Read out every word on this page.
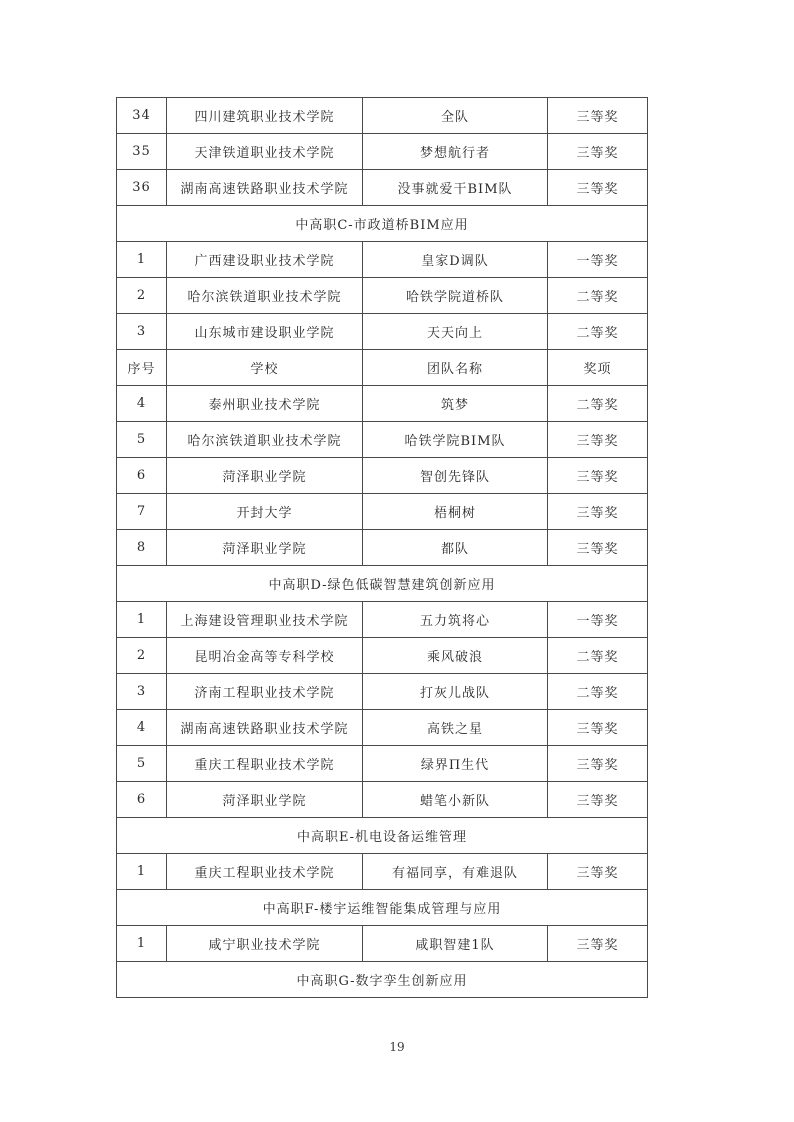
34	四川建筑职业技术学院	全队	三等奖
35	天津铁道职业技术学院	梦想航行者	三等奖
36	湖南高速铁路职业技术学院	没事就爱干BIM队	三等奖
中高职C-市政道桥BIM应用			
1	广西建设职业技术学院	皇家D调队	一等奖
2	哈尔滨铁道职业技术学院	哈铁学院道桥队	二等奖
3	山东城市建设职业学院	天天向上	二等奖
序号	学校	团队名称	奖项
4	泰州职业技术学院	筑梦	二等奖
5	哈尔滨铁道职业技术学院	哈铁学院BIM队	三等奖
6	菏泽职业学院	智创先锋队	三等奖
7	开封大学	梧桐树	三等奖
8	菏泽职业学院	都队	三等奖
中高职D-绿色低碳智慧建筑创新应用			
1	上海建设管理职业技术学院	五力筑将心	一等奖
2	昆明冶金高等专科学校	乘风破浪	二等奖
3	济南工程职业技术学院	打灰儿战队	二等奖
4	湖南高速铁路职业技术学院	高铁之星	三等奖
5	重庆工程职业技术学院	绿界Π生代	三等奖
6	菏泽职业学院	蜡笔小新队	三等奖
中高职E-机电设备运维管理			
1	重庆工程职业技术学院	有福同享，有难退队	三等奖
中高职F-楼宇运维智能集成管理与应用			
1	咸宁职业技术学院	咸职智建1队	三等奖
中高职G-数字孪生创新应用			
19
